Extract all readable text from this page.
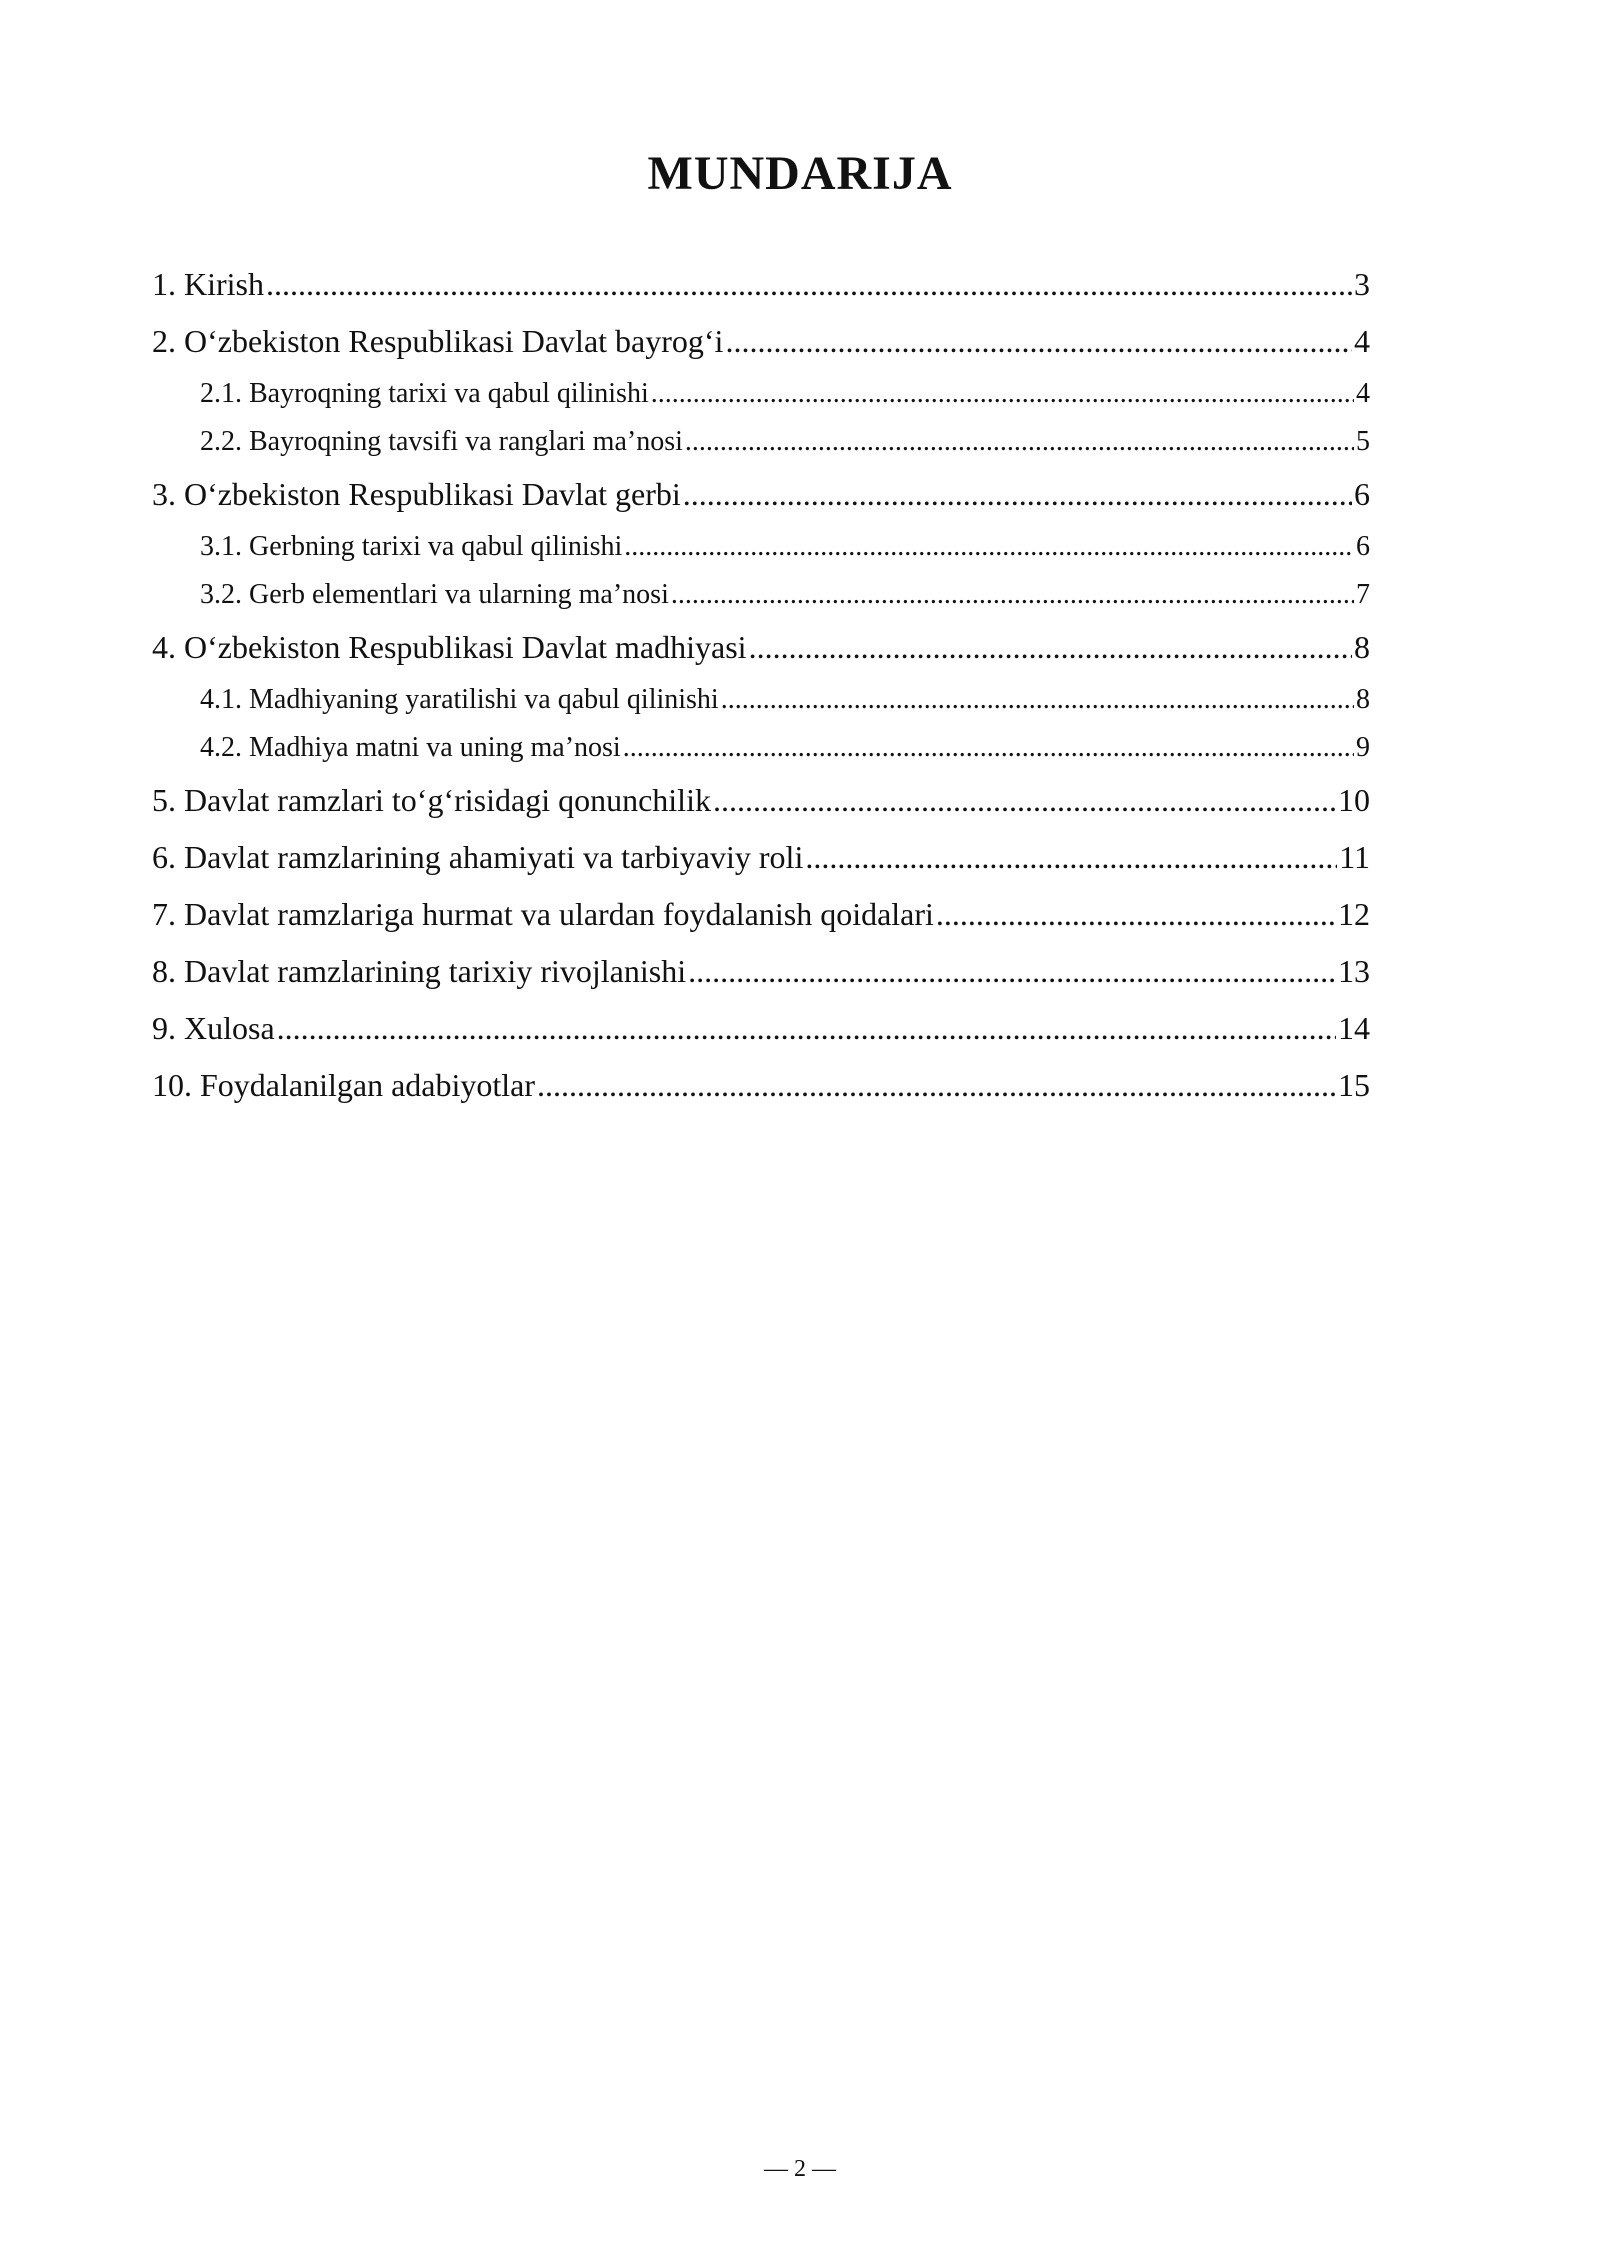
MUNDARIJA
1. Kirish .....	3
2. O‘zbekiston Respublikasi Davlat bayrog‘i .....	4
2.1. Bayroqning tarixi va qabul qilinishi .....	4
2.2. Bayroqning tavsifi va ranglari ma’nosi .....	5
3. O‘zbekiston Respublikasi Davlat gerbi .....	6
3.1. Gerbning tarixi va qabul qilinishi .....	6
3.2. Gerb elementlari va ularning ma’nosi .....	7
4. O‘zbekiston Respublikasi Davlat madhiyasi .....	8
4.1. Madhiyaning yaratilishi va qabul qilinishi .....	8
4.2. Madhiya matni va uning ma’nosi .....	9
5. Davlat ramzlari to‘g‘risidagi qonunchilik .....	10
6. Davlat ramzlarining ahamiyati va tarbiyaviy roli .....	11
7. Davlat ramzlariga hurmat va ulardan foydalanish qoidalari .....	12
8. Davlat ramzlarining tarixiy rivojlanishi .....	13
9. Xulosa .....	14
10. Foydalanilgan adabiyotlar .....	15
— 2 —
